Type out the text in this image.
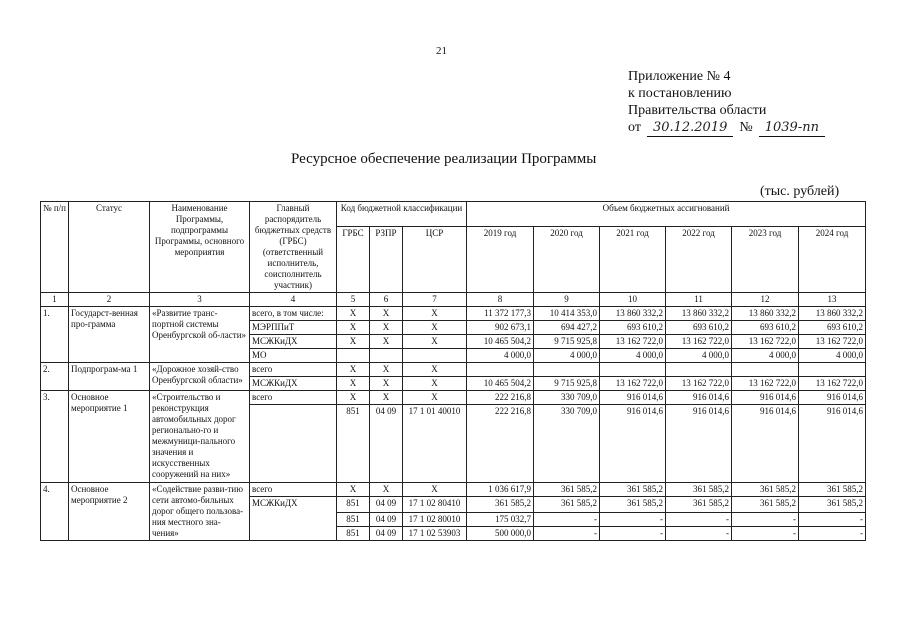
21
Приложение № 4
к постановлению
Правительства области
от 30.12.2019 № 1039-пп
Ресурсное обеспечение реализации Программы
(тыс. рублей)
№ п/п	Статус	Наименование Программы, подпрограммы Программы, основного мероприятия	Главный распорядитель бюджетных средств (ГРБС) (ответственный исполнитель, соисполнитель участник)	Код бюджетной классификации			Объем бюджетных ассигнований					
				ГРБС	РЗПР	ЦСР	2019 год	2020 год	2021 год	2022 год	2023 год	2024 год
1	2	3	4	5	6	7	8	9	10	11	12	13
1.	Государст-венная про-грамма	«Развитие транс-портной системы Оренбургской об-ласти»	всего, в том числе:	X	X	X	11 372 177,3	10 414 353,0	13 860 332,2	13 860 332,2	13 860 332,2	13 860 332,2
			МЭРППиТ	X	X	X	902 673,1	694 427,2	693 610,2	693 610,2	693 610,2	693 610,2
			МСЖКиДХ	X	X	X	10 465 504,2	9 715 925,8	13 162 722,0	13 162 722,0	13 162 722,0	13 162 722,0
			МО				4 000,0	4 000,0	4 000,0	4 000,0	4 000,0	4 000,0
2.	Подпрограм-ма 1	«Дорожное хозяй-ство Оренбургской области»	всего	X	X	X						
			МСЖКиДХ	X	X	X	10 465 504,2	9 715 925,8	13 162 722,0	13 162 722,0	13 162 722,0	13 162 722,0
3.	Основное мероприятие 1	«Строительство и реконструкция автомобильных дорог регионально-го и межмуници-пального значения и искусственных сооружений на них»	всего	X	X	X	222 216,8	330 709,0	916 014,6	916 014,6	916 014,6	916 014,6
				851	04 09	17 1 01 40010	222 216,8	330 709,0	916 014,6	916 014,6	916 014,6	916 014,6
4.	Основное мероприятие 2	«Содействие разви-тию сети автомо-бильных дорог общего пользова-ния местного зна-чения»	всего	X	X	X	1 036 617,9	361 585,2	361 585,2	361 585,2	361 585,2	361 585,2
			МСЖКиДХ	851	04 09	17 1 02 80410	361 585,2	361 585,2	361 585,2	361 585,2	361 585,2	361 585,2
				851	04 09	17 1 02 80010	175 032,7	-	-	-	-	-
				851	04 09	17 1 02 53903	500 000,0	-	-	-	-	-
